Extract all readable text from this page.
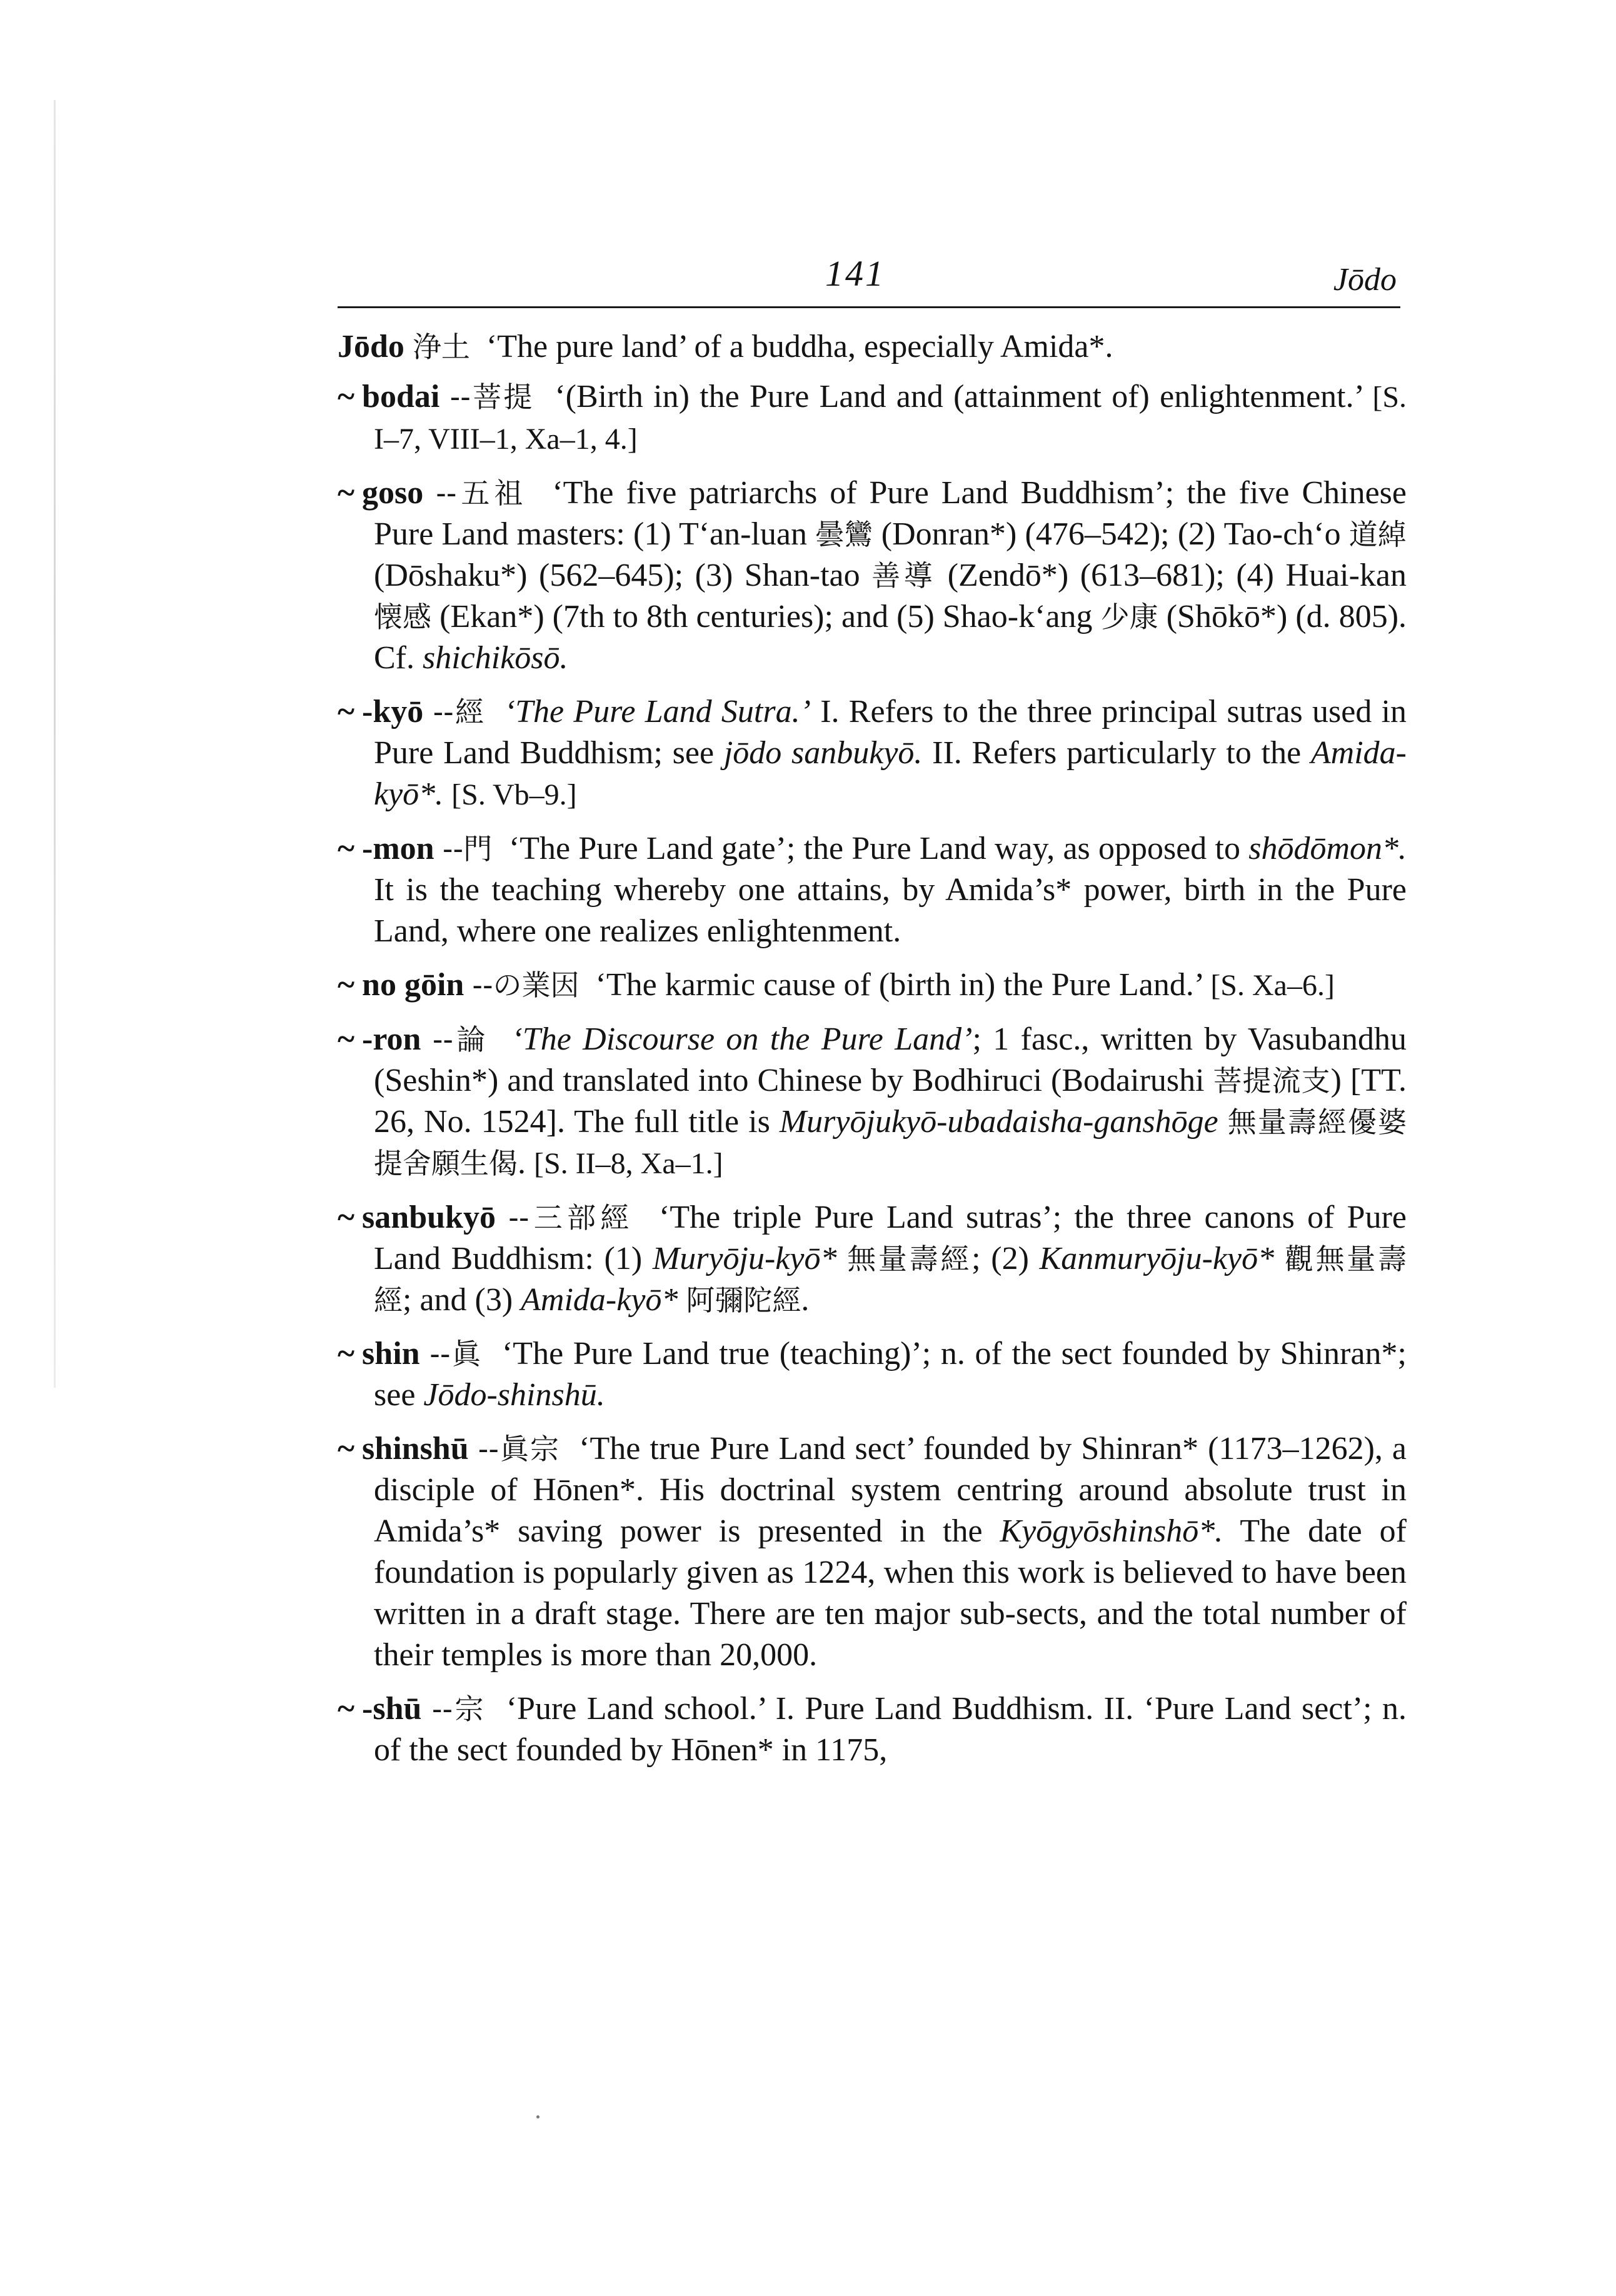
141	Jōdo

Jōdo 浄土 ‘The pure land’ of a buddha, especially Amida*.

~ bodai --菩提 ‘(Birth in) the Pure Land and (attainment of) enlightenment.’ [S. I–7, VIII–1, Xa–1, 4.]

~ goso --五祖 ‘The five patriarchs of Pure Land Buddhism’; the five Chinese Pure Land masters: (1) T‘an-luan 曇鸞 (Donran*) (476–542); (2) Tao-ch‘o 道綽 (Dōshaku*) (562–645); (3) Shan-tao 善導 (Zendō*) (613–681); (4) Huai-kan 懐感 (Ekan*) (7th to 8th centuries); and (5) Shao-k‘ang 少康 (Shōkō*) (d. 805). Cf. shichikōsō.

~ -kyō --經 ‘The Pure Land Sutra.’ I. Refers to the three principal sutras used in Pure Land Buddhism; see jōdo sanbukyō. II. Refers particularly to the Amida-kyō*. [S. Vb–9.]

~ -mon --門 ‘The Pure Land gate’; the Pure Land way, as opposed to shōdōmon*. It is the teaching whereby one attains, by Amida’s* power, birth in the Pure Land, where one realizes enlightenment.

~ no gōin --の業因 ‘The karmic cause of (birth in) the Pure Land.’ [S. Xa–6.]

~ -ron --論 ‘The Discourse on the Pure Land’; 1 fasc., written by Vasubandhu (Seshin*) and translated into Chinese by Bodhiruci (Bodairushi 菩提流支) [TT. 26, No. 1524]. The full title is Muryōjukyō-ubadaisha-ganshōge 無量壽經優婆提舍願生偈. [S. II–8, Xa–1.]

~ sanbukyō --三部經 ‘The triple Pure Land sutras’; the three canons of Pure Land Buddhism: (1) Muryōju-kyō* 無量壽經; (2) Kanmuryōju-kyō* 觀無量壽經; and (3) Amida-kyō* 阿彌陀經.

~ shin --眞 ‘The Pure Land true (teaching)’; n. of the sect founded by Shinran*; see Jōdo-shinshū.

~ shinshū --眞宗 ‘The true Pure Land sect’ founded by Shinran* (1173–1262), a disciple of Hōnen*. His doctrinal system centring around absolute trust in Amida’s* saving power is presented in the Kyōgyōshinshō*. The date of foundation is popularly given as 1224, when this work is believed to have been written in a draft stage. There are ten major sub-sects, and the total number of their temples is more than 20,000.

~ -shū --宗 ‘Pure Land school.’ I. Pure Land Buddhism. II. ‘Pure Land sect’; n. of the sect founded by Hōnen* in 1175,
